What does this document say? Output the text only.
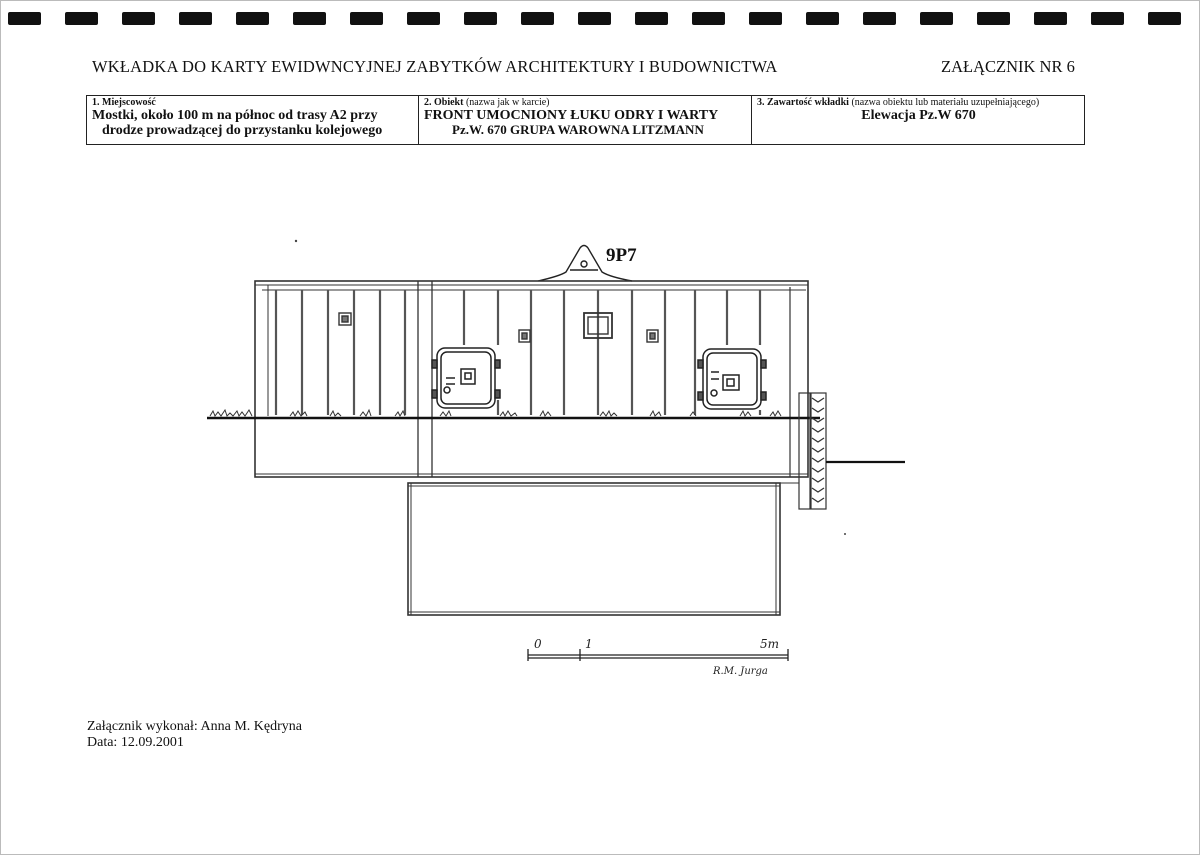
WKŁADKA DO KARTY EWIDWNCYJNEJ ZABYTKÓW ARCHITEKTURY I BUDOWNICTWA	ZAŁĄCZNIK NR 6
1. Miejscowość
Mostki, około 100 m na północ od trasy A2 przy
drodze prowadzącej do przystanku kolejowego

2. Obiekt (nazwa jak w karcie)
FRONT UMOCNIONY ŁUKU ODRY I WARTY
Pz.W. 670 GRUPA WAROWNA LITZMANN

3. Zawartość wkładki (nazwa obiektu lub materiału uzupełniającego)
Elewacja Pz.W 670
9P7
0	1	5m
R.M. Jurga
Załącznik wykonał: Anna M. Kędryna
Data: 12.09.2001
